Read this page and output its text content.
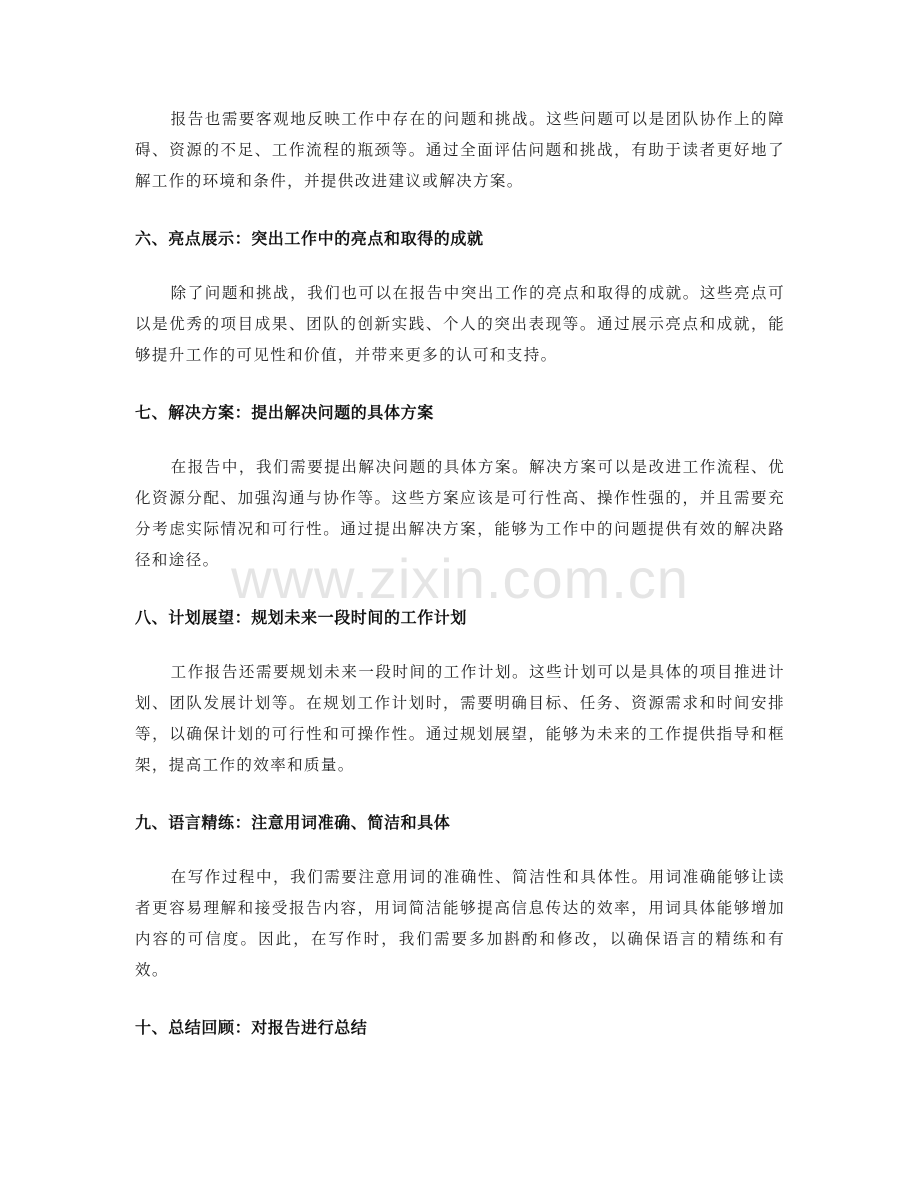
报告也需要客观地反映工作中存在的问题和挑战。这些问题可以是团队协作上的障碍、资源的不足、工作流程的瓶颈等。通过全面评估问题和挑战，有助于读者更好地了解工作的环境和条件，并提供改进建议或解决方案。

六、亮点展示：突出工作中的亮点和取得的成就

除了问题和挑战，我们也可以在报告中突出工作的亮点和取得的成就。这些亮点可以是优秀的项目成果、团队的创新实践、个人的突出表现等。通过展示亮点和成就，能够提升工作的可见性和价值，并带来更多的认可和支持。

七、解决方案：提出解决问题的具体方案

在报告中，我们需要提出解决问题的具体方案。解决方案可以是改进工作流程、优化资源分配、加强沟通与协作等。这些方案应该是可行性高、操作性强的，并且需要充分考虑实际情况和可行性。通过提出解决方案，能够为工作中的问题提供有效的解决路径和途径。

八、计划展望：规划未来一段时间的工作计划

工作报告还需要规划未来一段时间的工作计划。这些计划可以是具体的项目推进计划、团队发展计划等。在规划工作计划时，需要明确目标、任务、资源需求和时间安排等，以确保计划的可行性和可操作性。通过规划展望，能够为未来的工作提供指导和框架，提高工作的效率和质量。

九、语言精练：注意用词准确、简洁和具体

在写作过程中，我们需要注意用词的准确性、简洁性和具体性。用词准确能够让读者更容易理解和接受报告内容，用词简洁能够提高信息传达的效率，用词具体能够增加内容的可信度。因此，在写作时，我们需要多加斟酌和修改，以确保语言的精练和有效。

十、总结回顾：对报告进行总结
www.zixin.com.cn
